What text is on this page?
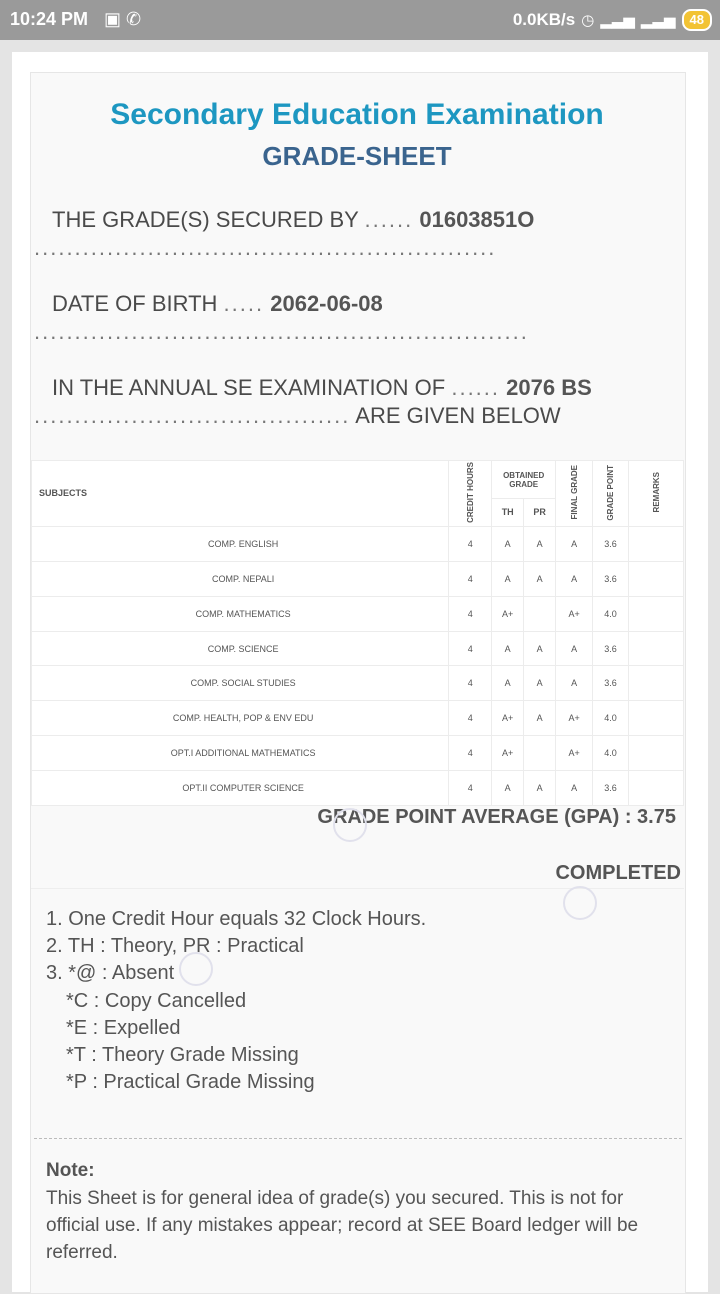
10:24 PM ▣ ✆	0.0KB/s ◷ ▂▃▅ ▂▃▅	48
Secondary Education Examination
GRADE-SHEET
THE GRADE(S) SECURED BY ...... 01603851O .........................................................
DATE OF BIRTH ..... 2062-06-08 .............................................................
IN THE ANNUAL SE EXAMINATION OF ...... 2076 BS ....................................... ARE GIVEN BELOW
SUBJECTS	CREDIT HOURS	OBTAINED GRADE		FINAL GRADE	GRADE POINT	REMARKS
		TH	PR			
COMP. ENGLISH	4	A	A	A	3.6	
COMP. NEPALI	4	A	A	A	3.6	
COMP. MATHEMATICS	4	A+		A+	4.0	
COMP. SCIENCE	4	A	A	A	3.6	
COMP. SOCIAL STUDIES	4	A	A	A	3.6	
COMP. HEALTH, POP & ENV EDU	4	A+	A	A+	4.0	
OPT.I ADDITIONAL MATHEMATICS	4	A+		A+	4.0	
OPT.II COMPUTER SCIENCE	4	A	A	A	3.6	
GRADE POINT AVERAGE (GPA) : 3.75
COMPLETED
1. One Credit Hour equals 32 Clock Hours.
2. TH : Theory, PR : Practical
3. *@ : Absent
*C : Copy Cancelled
*E : Expelled
*T : Theory Grade Missing
*P : Practical Grade Missing
Note:
This Sheet is for general idea of grade(s) you secured. This is not for official use. If any mistakes appear; record at SEE Board ledger will be referred.
